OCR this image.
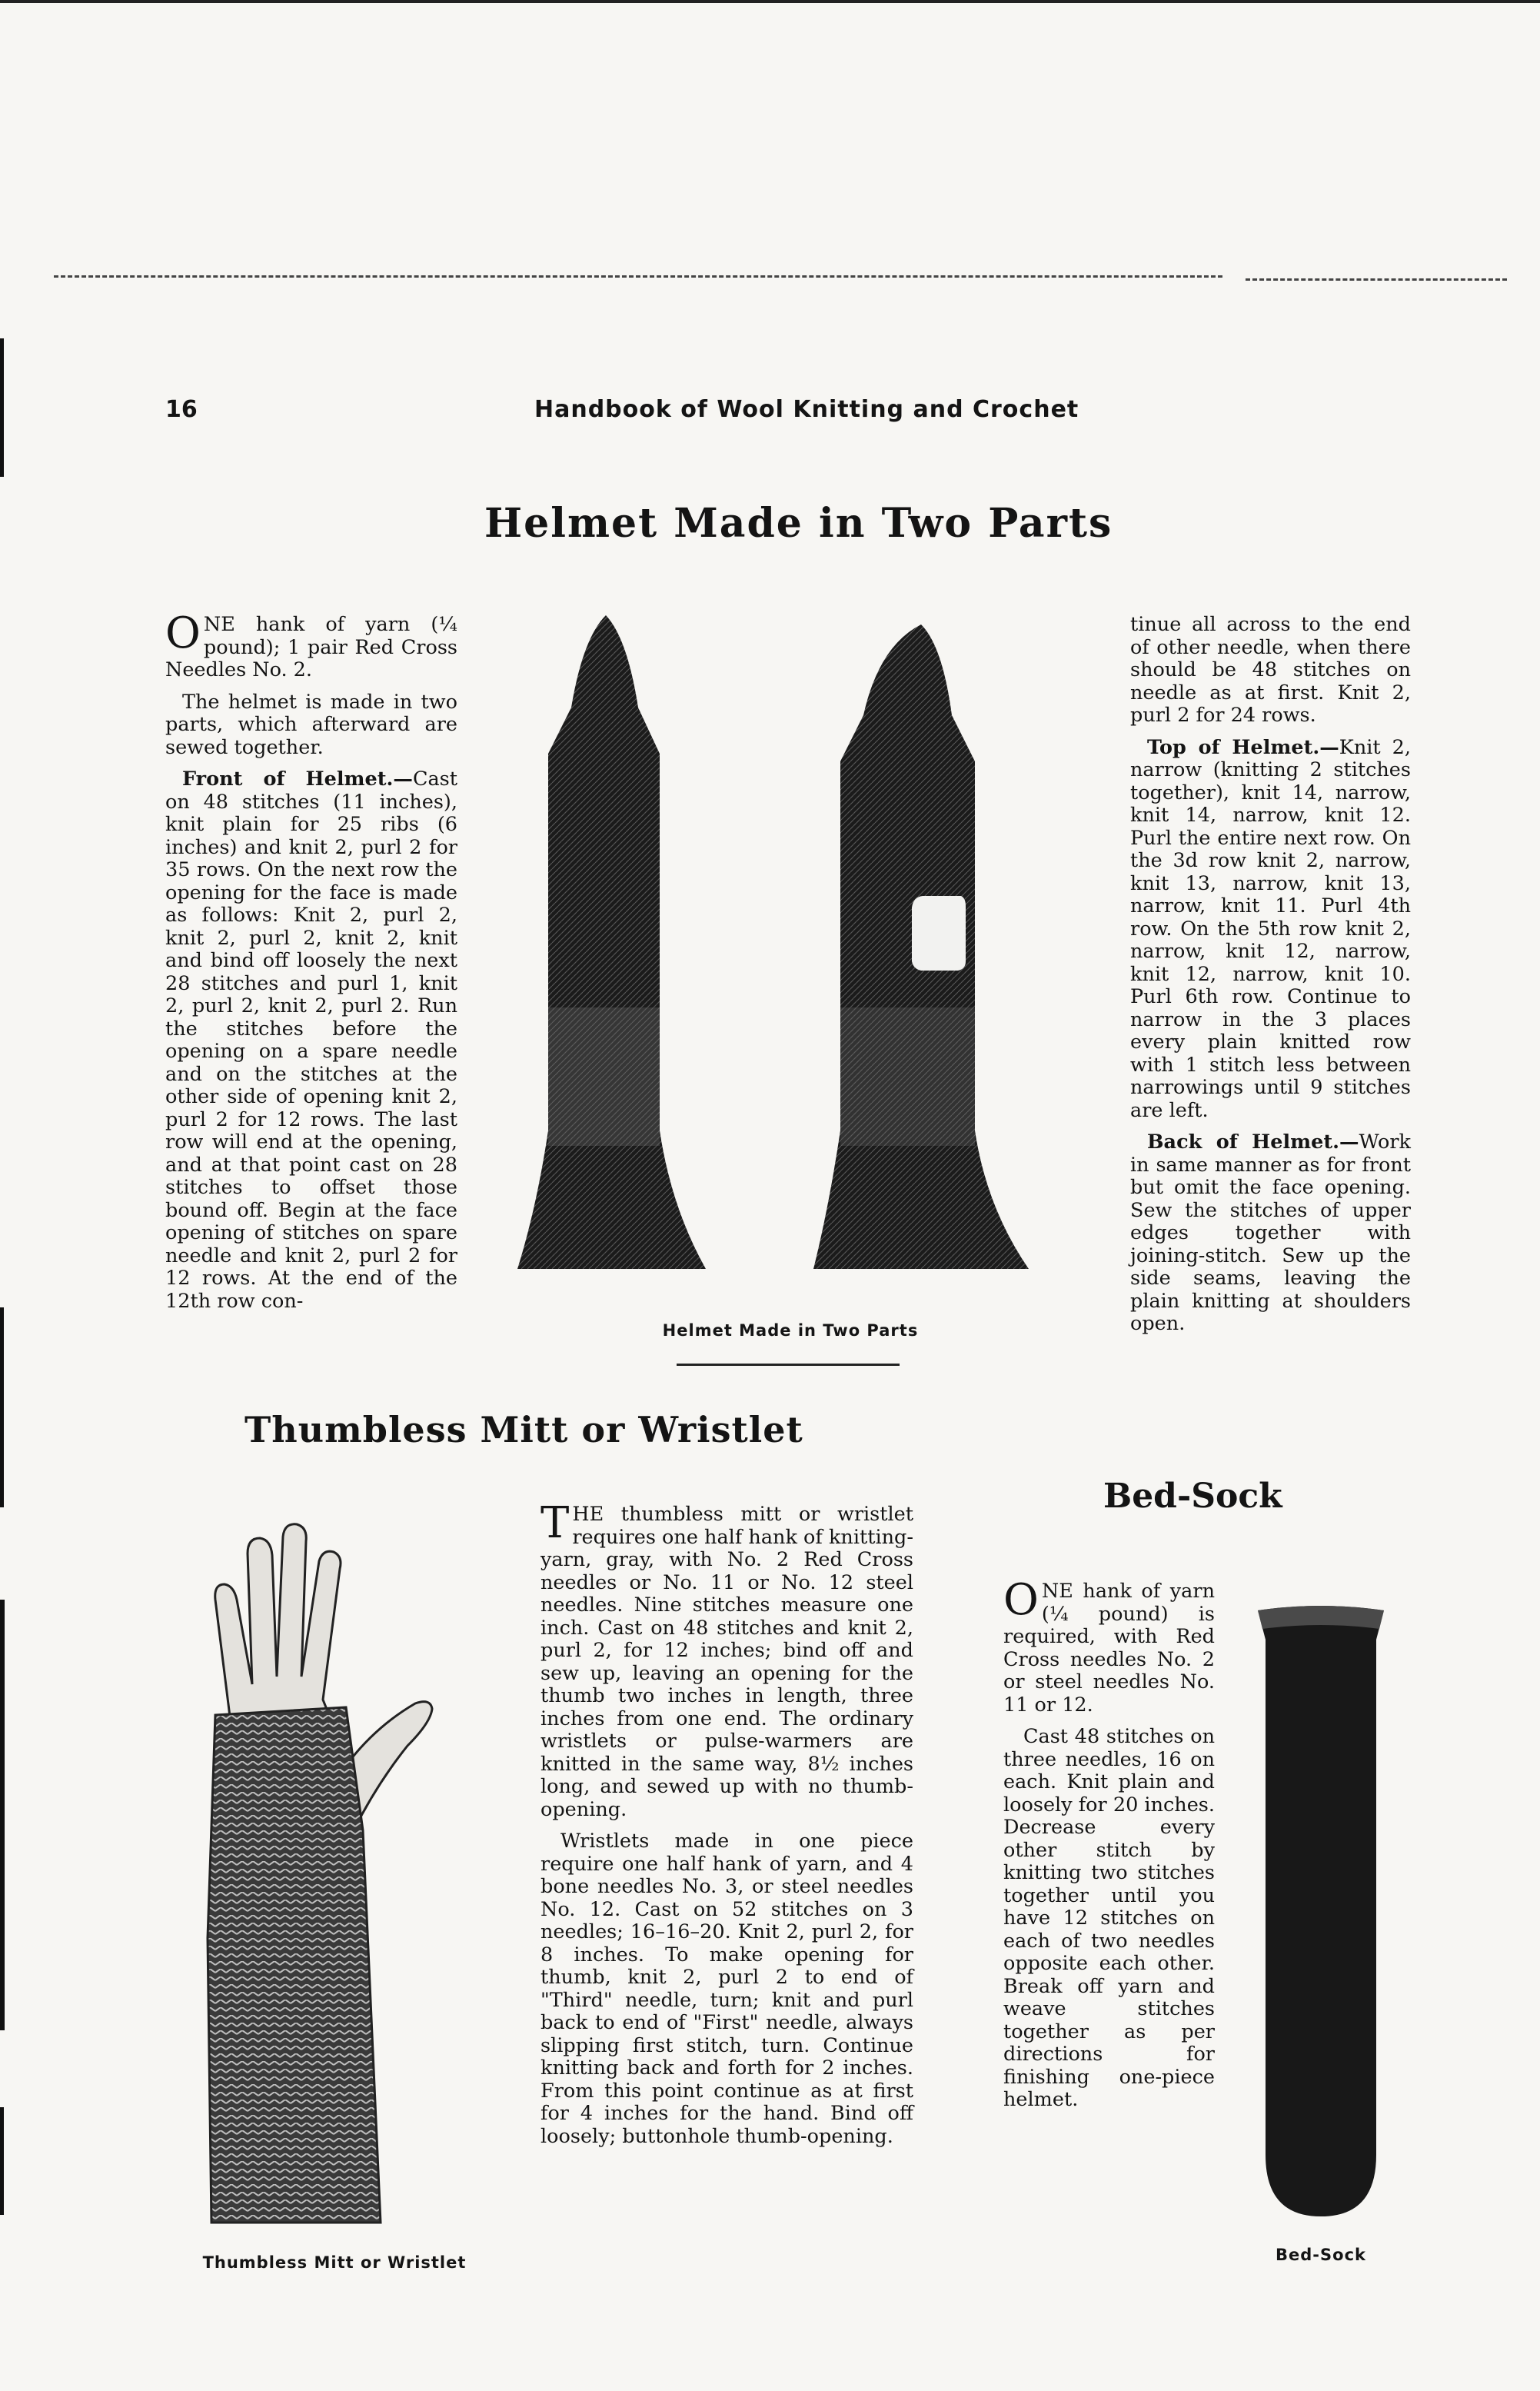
16	Handbook of Wool Knitting and Crochet
Helmet Made in Two Parts

ONE hank of yarn (¼ pound); 1 pair Red Cross Needles No. 2.

The helmet is made in two parts, which afterward are sewed together.

Front of Helmet.—Cast on 48 stitches (11 inches), knit plain for 25 ribs (6 inches) and knit 2, purl 2 for 35 rows. On the next row the opening for the face is made as follows: Knit 2, purl 2, knit 2, purl 2, knit 2, knit and bind off loosely the next 28 stitches and purl 1, knit 2, purl 2, knit 2, purl 2. Run the stitches before the opening on a spare needle and on the stitches at the other side of opening knit 2, purl 2 for 12 rows. The last row will end at the opening, and at that point cast on 28 stitches to offset those bound off. Begin at the face opening of stitches on spare needle and knit 2, purl 2 for 12 rows. At the end of the 12th row con-

Helmet Made in Two Parts

tinue all across to the end of other needle, when there should be 48 stitches on needle as at first. Knit 2, purl 2 for 24 rows.

Top of Helmet.—Knit 2, narrow (knitting 2 stitches together), knit 14, narrow, knit 14, narrow, knit 12. Purl the entire next row. On the 3d row knit 2, narrow, knit 13, narrow, knit 13, narrow, knit 11. Purl 4th row. On the 5th row knit 2, narrow, knit 12, narrow, knit 12, narrow, knit 10. Purl 6th row. Continue to narrow in the 3 places every plain knitted row with 1 stitch less between narrowings until 9 stitches are left.

Back of Helmet.—Work in same manner as for front but omit the face opening. Sew the stitches of upper edges together with joining-stitch. Sew up the side seams, leaving the plain knitting at shoulders open.

Thumbless Mitt or Wristlet
Thumbless Mitt or Wristlet

THE thumbless mitt or wristlet requires one half hank of knitting-yarn, gray, with No. 2 Red Cross needles or No. 11 or No. 12 steel needles. Nine stitches measure one inch. Cast on 48 stitches and knit 2, purl 2, for 12 inches; bind off and sew up, leaving an opening for the thumb two inches in length, three inches from one end. The ordinary wristlets or pulse-warmers are knitted in the same way, 8½ inches long, and sewed up with no thumb-opening.

Wristlets made in one piece require one half hank of yarn, and 4 bone needles No. 3, or steel needles No. 12. Cast on 52 stitches on 3 needles; 16–16–20. Knit 2, purl 2, for 8 inches. To make opening for thumb, knit 2, purl 2 to end of "Third" needle, turn; knit and purl back to end of "First" needle, always slipping first stitch, turn. Continue knitting back and forth for 2 inches. From this point continue as at first for 4 inches for the hand. Bind off loosely; buttonhole thumb-opening.

Bed-Sock

ONE hank of yarn (¼ pound) is required, with Red Cross needles No. 2 or steel needles No. 11 or 12.

Cast 48 stitches on three needles, 16 on each. Knit plain and loosely for 20 inches. Decrease every other stitch by knitting two stitches together until you have 12 stitches on each of two needles opposite each other. Break off yarn and weave stitches together as per directions for finishing one-piece helmet.

Bed-Sock
